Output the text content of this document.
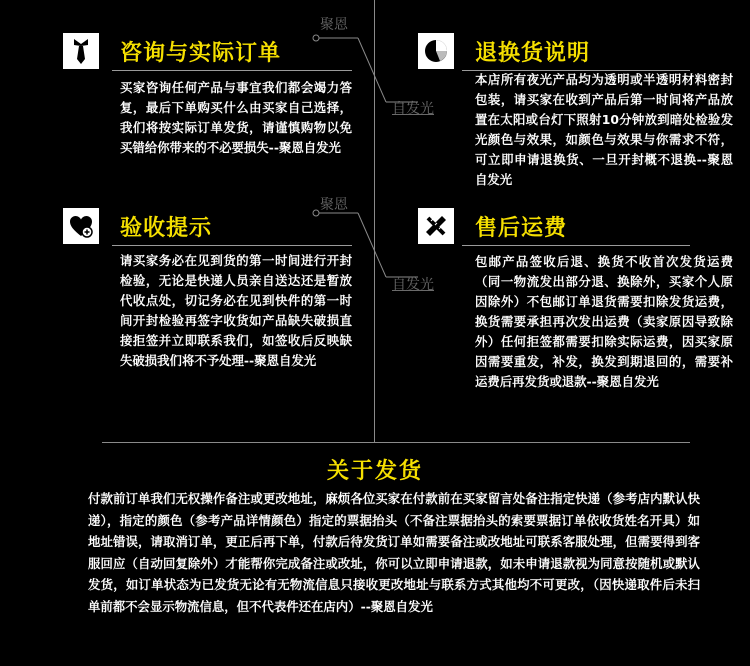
聚恩
自发光
聚恩
自发光
咨询与实际订单
买家咨询任何产品与事宜我们都会竭力答复，最后下单购买什么由买家自己选择，我们将按实际订单发货，请谨慎购物以免买错给你带来的不必要损失--聚恩自发光
退换货说明
本店所有夜光产品均为透明或半透明材料密封包装，请买家在收到产品后第一时间将产品放置在太阳或台灯下照射10分钟放到暗处检验发光颜色与效果，如颜色与效果与你需求不符，可立即申请退换货、一旦开封概不退换--聚恩自发光
验收提示
请买家务必在见到货的第一时间进行开封检验，无论是快递人员亲自送达还是暂放代收点处，切记务必在见到快件的第一时间开封检验再签字收货如产品缺失破损直接拒签并立即联系我们，如签收后反映缺失破损我们将不予处理--聚恩自发光
售后运费
包邮产品签收后退、换货不收首次发货运费（同一物流发出部分退、换除外，买家个人原因除外）不包邮订单退货需要扣除发货运费，换货需要承担再次发出运费（卖家原因导致除外）任何拒签都需要扣除实际运费，因买家原因需要重发，补发，换发到期退回的，需要补运费后再发货或退款--聚恩自发光
关于发货
付款前订单我们无权操作备注或更改地址，麻烦各位买家在付款前在买家留言处备注指定快递（参考店内默认快递），指定的颜色（参考产品详情颜色）指定的票据抬头（不备注票据抬头的索要票据订单依收货姓名开具）如地址错误，请取消订单，更正后再下单，付款后待发货订单如需要备注或改地址可联系客服处理，但需要得到客服回应（自动回复除外）才能帮你完成备注或改址，你可以立即申请退款，如未申请退款视为同意按随机或默认发货，如订单状态为已发货无论有无物流信息只接收更改地址与联系方式其他均不可更改，（因快递取件后未扫单前都不会显示物流信息，但不代表件还在店内）--聚恩自发光
